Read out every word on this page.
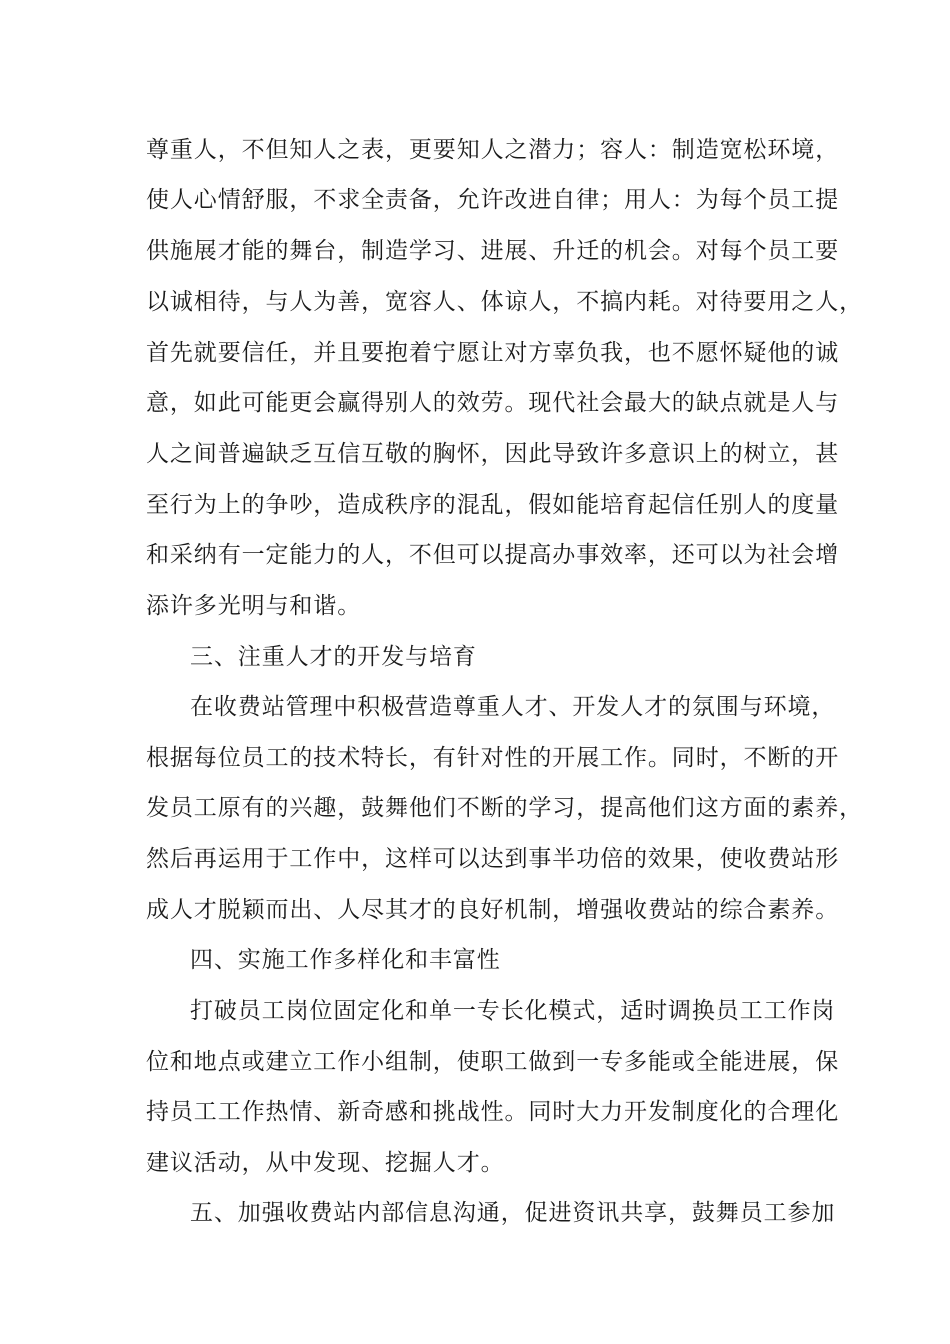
尊重人，不但知人之表，更要知人之潜力；容人：制造宽松环境，
使人心情舒服，不求全责备，允许改进自律；用人：为每个员工提
供施展才能的舞台，制造学习、进展、升迁的机会。对每个员工要
以诚相待，与人为善，宽容人、体谅人，不搞内耗。对待要用之人，
首先就要信任，并且要抱着宁愿让对方辜负我，也不愿怀疑他的诚
意，如此可能更会赢得别人的效劳。现代社会最大的缺点就是人与
人之间普遍缺乏互信互敬的胸怀，因此导致许多意识上的树立，甚
至行为上的争吵，造成秩序的混乱，假如能培育起信任别人的度量
和采纳有一定能力的人，不但可以提高办事效率，还可以为社会增
添许多光明与和谐。
三、注重人才的开发与培育
在收费站管理中积极营造尊重人才、开发人才的氛围与环境，
根据每位员工的技术特长，有针对性的开展工作。同时，不断的开
发员工原有的兴趣，鼓舞他们不断的学习，提高他们这方面的素养，
然后再运用于工作中，这样可以达到事半功倍的效果，使收费站形
成人才脱颖而出、人尽其才的良好机制，增强收费站的综合素养。
四、实施工作多样化和丰富性
打破员工岗位固定化和单一专长化模式，适时调换员工工作岗
位和地点或建立工作小组制，使职工做到一专多能或全能进展，保
持员工工作热情、新奇感和挑战性。同时大力开发制度化的合理化
建议活动，从中发现、挖掘人才。
五、加强收费站内部信息沟通，促进资讯共享，鼓舞员工参加
